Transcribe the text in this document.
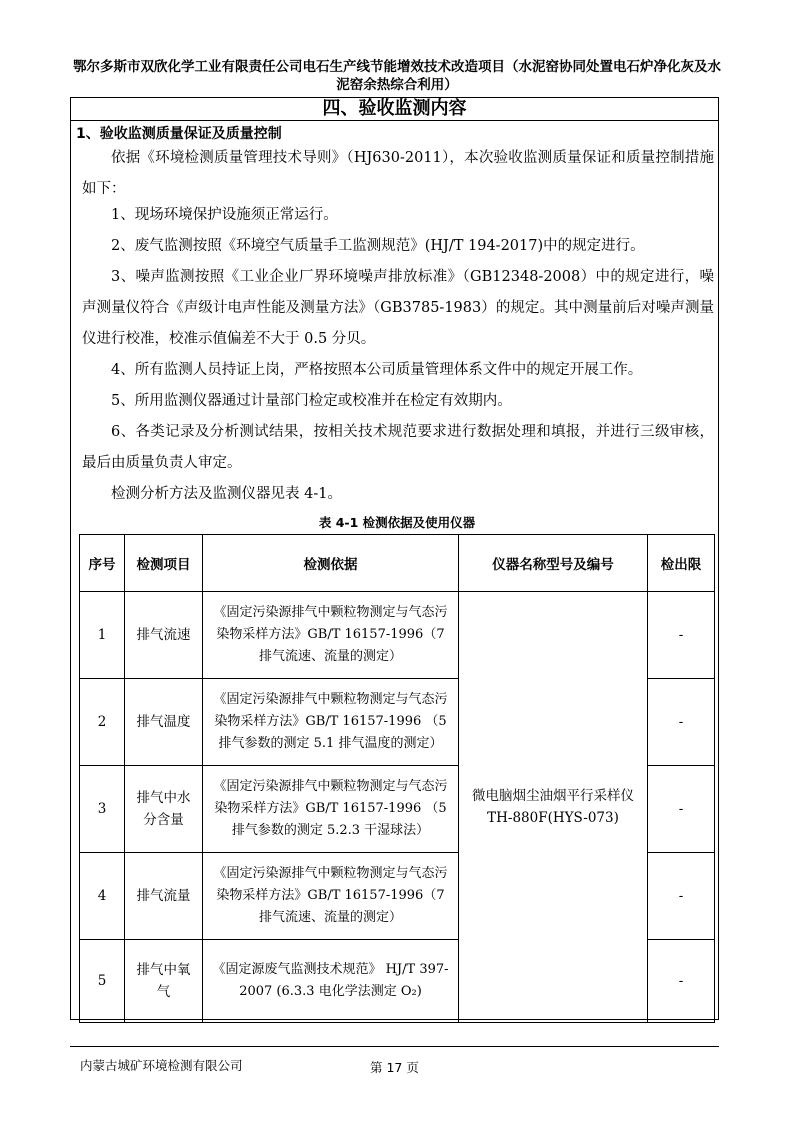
鄂尔多斯市双欣化学工业有限责任公司电石生产线节能增效技术改造项目（水泥窑协同处置电石炉净化灰及水泥窑余热综合利用）
四、验收监测内容
1、验收监测质量保证及质量控制
依据《环境检测质量管理技术导则》（HJ630-2011），本次验收监测质量保证和质量控制措施如下：
1、现场环境保护设施须正常运行。
2、废气监测按照《环境空气质量手工监测规范》(HJ/T 194-2017)中的规定进行。
3、噪声监测按照《工业企业厂界环境噪声排放标准》（GB12348-2008）中的规定进行，噪声测量仪符合《声级计电声性能及测量方法》（GB3785-1983）的规定。其中测量前后对噪声测量仪进行校准，校准示值偏差不大于 0.5 分贝。
4、所有监测人员持证上岗，严格按照本公司质量管理体系文件中的规定开展工作。
5、所用监测仪器通过计量部门检定或校准并在检定有效期内。
6、各类记录及分析测试结果，按相关技术规范要求进行数据处理和填报，并进行三级审核，最后由质量负责人审定。
检测分析方法及监测仪器见表 4-1。
表 4-1 检测依据及使用仪器
序号	检测项目	检测依据	仪器名称型号及编号	检出限
1	排气流速	《固定污染源排气中颗粒物测定与气态污染物采样方法》GB/T 16157-1996（7 排气流速、流量的测定）	微电脑烟尘油烟平行采样仪 TH-880F(HYS-073)	-
2	排气温度	《固定污染源排气中颗粒物测定与气态污染物采样方法》GB/T 16157-1996 （5 排气参数的测定 5.1 排气温度的测定）		-
3	排气中水分含量	《固定污染源排气中颗粒物测定与气态污染物采样方法》GB/T 16157-1996 （5 排气参数的测定 5.2.3 干湿球法）		-
4	排气流量	《固定污染源排气中颗粒物测定与气态污染物采样方法》GB/T 16157-1996（7 排气流速、流量的测定）		-
5	排气中氧气	《固定源废气监测技术规范》 HJ/T 397-2007 (6.3.3 电化学法测定 O₂)		-
内蒙古城矿环境检测有限公司	第 17 页
